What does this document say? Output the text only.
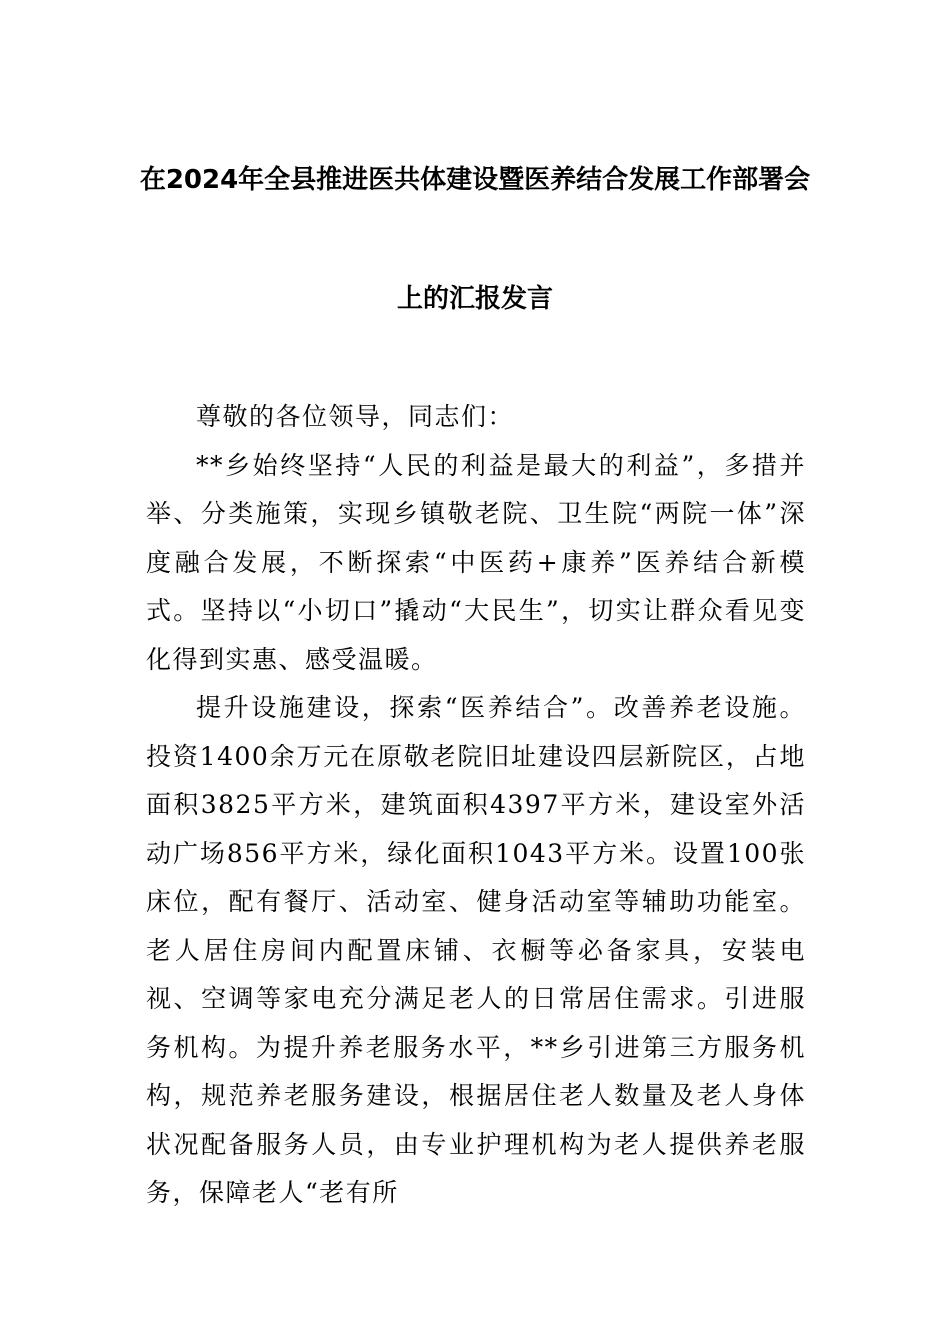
在2024年全县推进医共体建设暨医养结合发展工作部署会
上的汇报发言

尊敬的各位领导，同志们：

**乡始终坚持“人民的利益是最大的利益”，多措并举、分类施策，实现乡镇敬老院、卫生院“两院一体”深度融合发展，不断探索“中医药+康养”医养结合新模式。坚持以“小切口”撬动“大民生”，切实让群众看见变化得到实惠、感受温暖。

提升设施建设，探索“医养结合”。改善养老设施。投资1400余万元在原敬老院旧址建设四层新院区，占地面积3825平方米，建筑面积4397平方米，建设室外活动广场856平方米，绿化面积1043平方米。设置100张床位，配有餐厅、活动室、健身活动室等辅助功能室。老人居住房间内配置床铺、衣橱等必备家具，安装电视、空调等家电充分满足老人的日常居住需求。引进服务机构。为提升养老服务水平，**乡引进第三方服务机构，规范养老服务建设，根据居住老人数量及老人身体状况配备服务人员，由专业护理机构为老人提供养老服务，保障老人“老有所
